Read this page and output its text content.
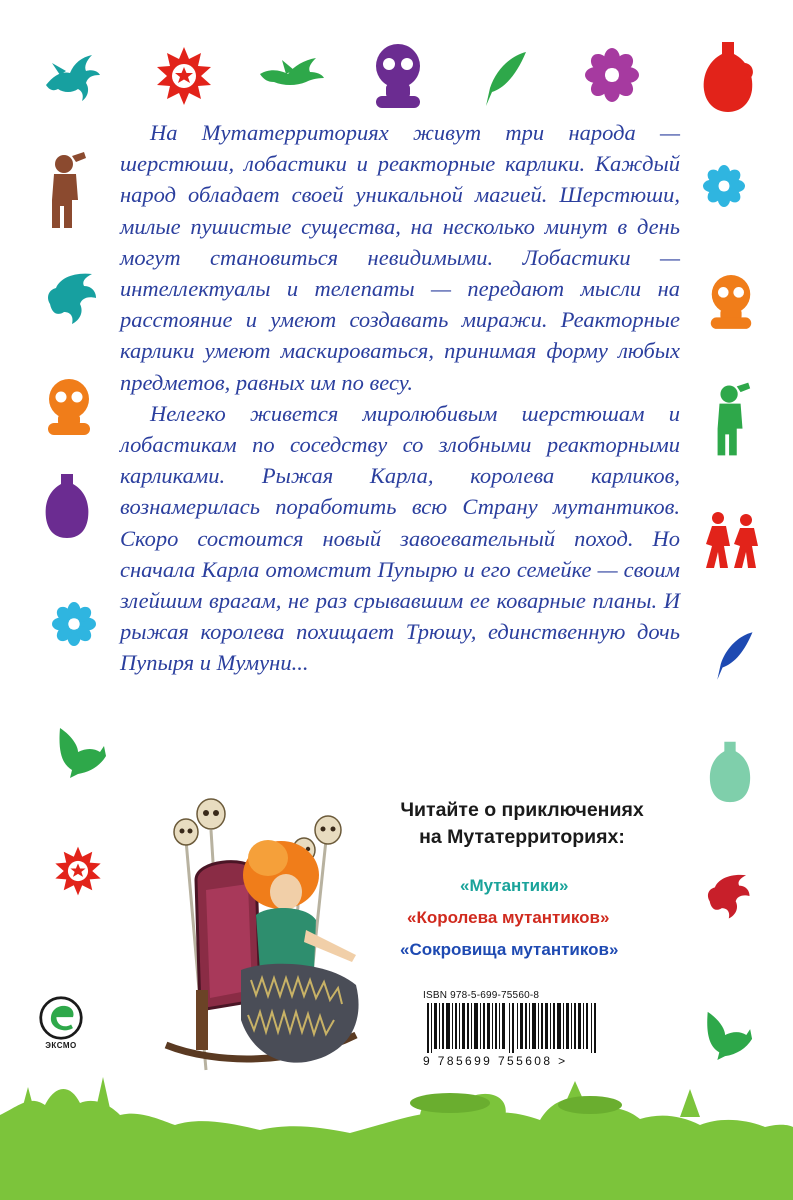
На Мутатерриториях живут три народа — шерстюши, лобастики и реакторные карлики. Каждый народ обладает своей уникальной магией. Шерстюши, милые пушистые существа, на несколько минут в день могут становиться невидимыми. Лобастики — интеллектуалы и телепаты — передают мысли на расстояние и умеют создавать миражи. Реакторные карлики умеют маскироваться, принимая форму любых предметов, равных им по весу.

Нелегко живется миролюбивым шерстюшам и лобастикам по соседству со злобными реакторными карликами. Рыжая Карла, королева карликов, вознамерилась поработить всю Страну мутантиков. Скоро состоится новый завоевательный поход. Но сначала Карла отомстит Пупырю и его семейке — своим злейшим врагам, не раз срывавшим ее коварные планы. И рыжая королева похищает Трюшу, единственную дочь Пупыря и Мумуни...

Читайте о приключениях
на Мутатерриториях:
«Мутантики»
«Королева мутантиков»
«Сокровища мутантиков»
ЭКСМО
ISBN 978-5-699-75560-8
9 785699 755608 >
